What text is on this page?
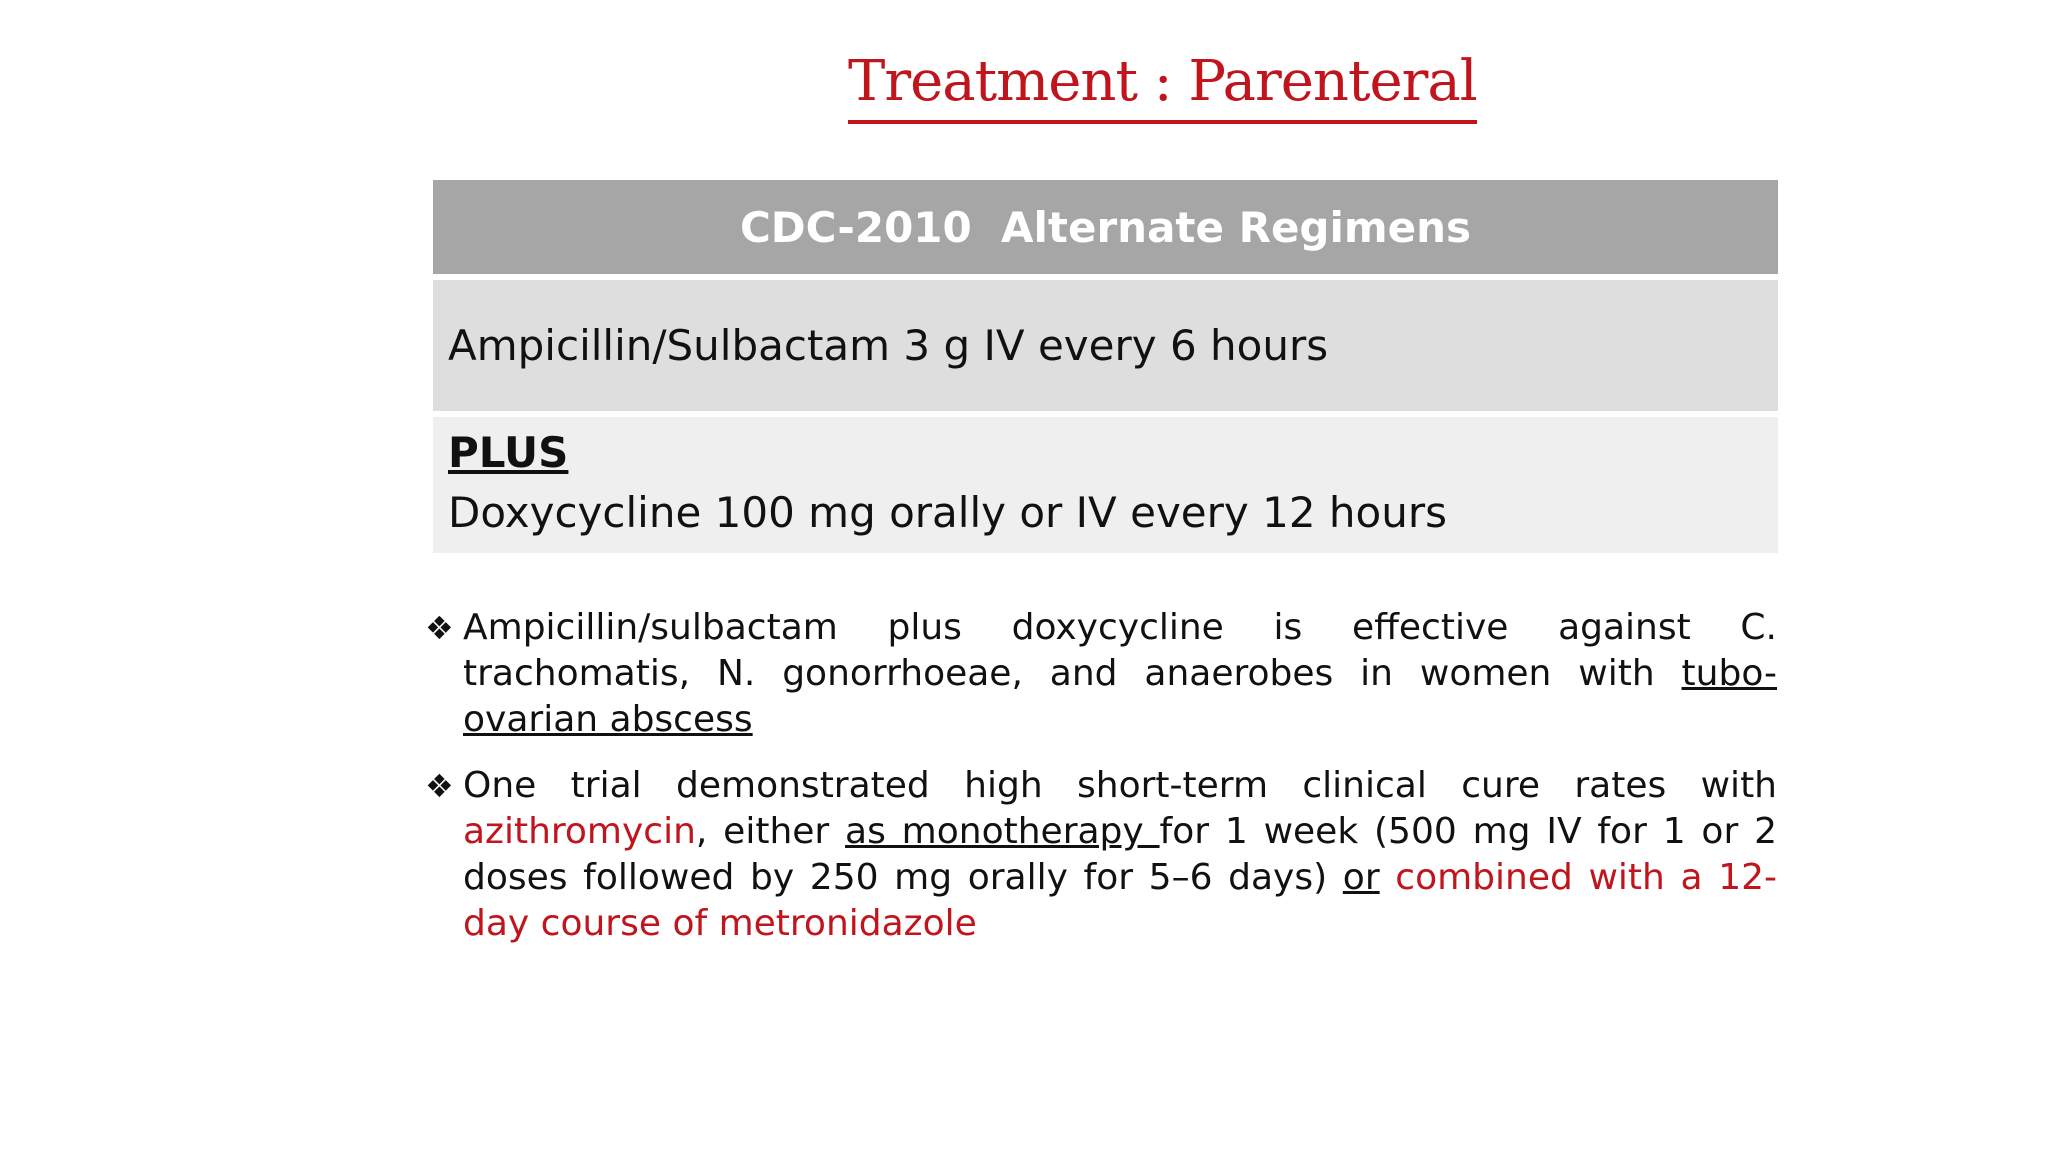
Treatment : Parenteral
CDC-2010  Alternate Regimens
Ampicillin/Sulbactam 3 g IV every 6 hours
PLUS
Doxycycline 100 mg orally or IV every 12 hours
❖ Ampicillin/sulbactam plus doxycycline is effective against C. trachomatis, N. gonorrhoeae, and anaerobes in women with tubo-ovarian abscess
❖ One trial demonstrated high short-term clinical cure rates with azithromycin, either as monotherapy for 1 week (500 mg IV for 1 or 2 doses followed by 250 mg orally for 5–6 days) or combined with a 12-day course of metronidazole
